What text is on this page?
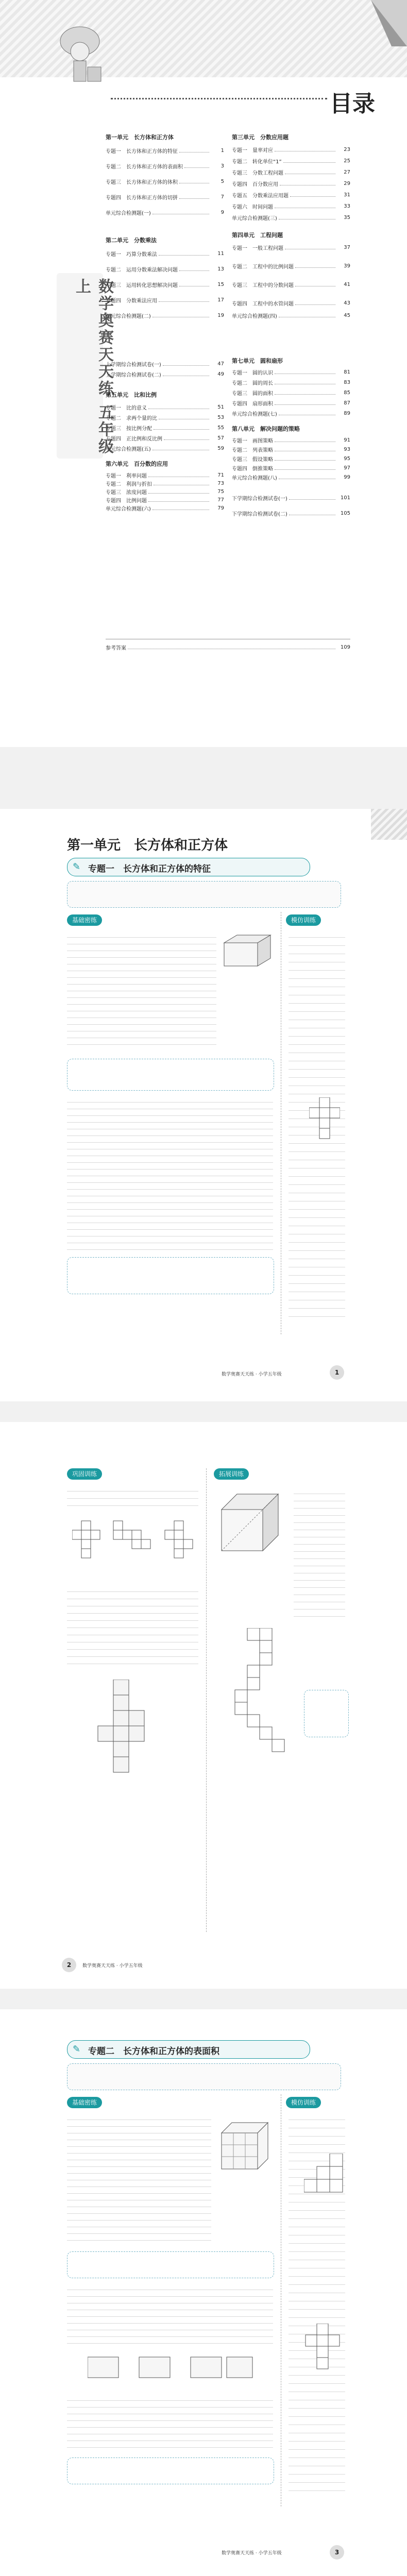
目录
数学奥赛天天练 五年级 上
第一单元　长方体和正方体
专题一　长方体和正方体的特征	1
专题二　长方体和正方体的表面积	3
专题三　长方体和正方体的体积	5
专题四　长方体和正方体的切拼	7
单元综合检测题(一)	9
第二单元　分数乘法
专题一　巧算分数乘法	11
专题二　运用分数乘法解决问题	13
专题三　运用转化思想解决问题	15
专题四　分数乘法应用	17
单元综合检测题(二)	19
上学期综合检测试卷(一)	47
上学期综合检测试卷(二)	49
第五单元　比和比例
专题一　比的意义	51
专题二　求两个量的比	53
专题三　按比例分配	55
专题四　正比例和反比例	57
单元综合检测题(五)	59
第六单元　百分数的应用
专题一　利率问题	71
专题二　利润与折扣	73
专题三　浓度问题	75
专题四　比例问题	77
单元综合检测题(六)	79
第三单元　分数应用题
专题一　量率对应	23
专题二　转化单位“1”	25
专题三　分数工程问题	27
专题四　百分数应用	29
专题五　分数乘法应用题	31
专题六　时间问题	33
单元综合检测题(三)	35
第四单元　工程问题
专题一　一般工程问题	37
专题二　工程中的比例问题	39
专题三　工程中的分数问题	41
专题四　工程中的水管问题	43
单元综合检测题(四)	45
第七单元　圆和扇形
专题一　圆的认识	81
专题二　圆的周长	83
专题三　圆的面积	85
专题四　扇形面积	87
单元综合检测题(七)	89
第八单元　解决问题的策略
专题一　画图策略	91
专题二　列表策略	93
专题三　假设策略	95
专题四　倒推策略	97
单元综合检测题(八)	99
下学期综合检测试卷(一)	101
下学期综合检测试卷(二)	105
参考答案	109
第一单元　长方体和正方体
✎ 专题一　长方体和正方体的特征
基础密练	模仿训练
数学奥赛天天练 · 小学五年级	1
巩固训练	拓展训练
2	数学奥赛天天练 · 小学五年级
✎ 专题二　长方体和正方体的表面积
基础密练	模仿训练
数学奥赛天天练 · 小学五年级	3
